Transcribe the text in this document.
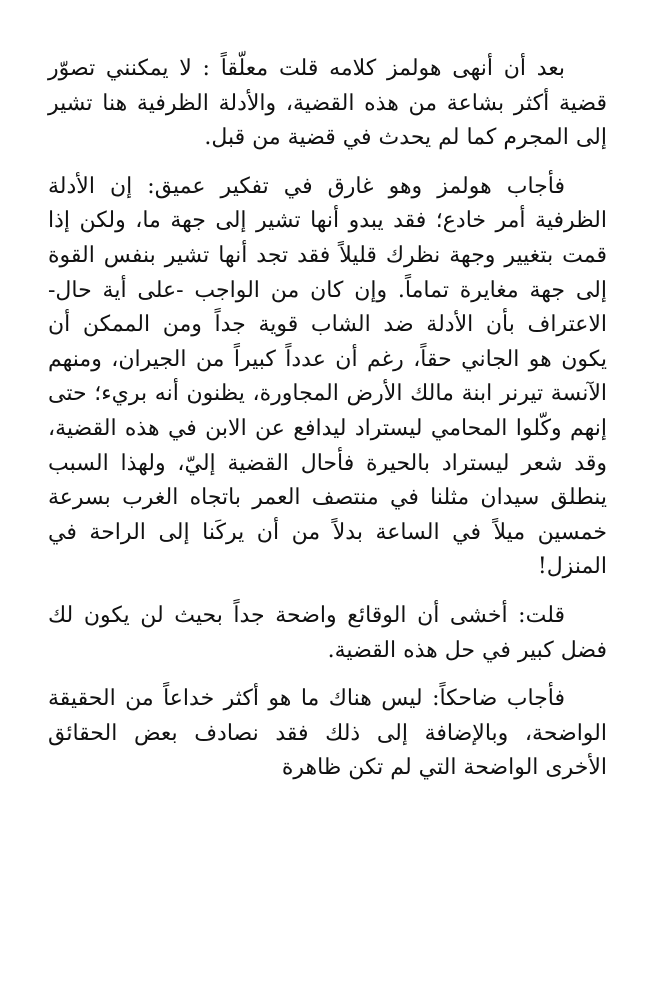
بعد أن أنهى هولمز كلامه قلت معلّقاً : لا يمكنني تصوّر قضية أكثر بشاعة من هذه القضية، والأدلة الظرفية هنا تشير إلى المجرم كما لم يحدث في قضية من قبل.

فأجاب هولمز وهو غارق في تفكير عميق: إن الأدلة الظرفية أمر خادع؛ فقد يبدو أنها تشير إلى جهة ما، ولكن إذا قمت بتغيير وجهة نظرك قليلاً فقد تجد أنها تشير بنفس القوة إلى جهة مغايرة تماماً. وإن كان من الواجب -على أية حال- الاعتراف بأن الأدلة ضد الشاب قوية جداً ومن الممكن أن يكون هو الجاني حقاً، رغم أن عدداً كبيراً من الجيران، ومنهم الآنسة تيرنر ابنة مالك الأرض المجاورة، يظنون أنه بريء؛ حتى إنهم وكّلوا المحامي ليستراد ليدافع عن الابن في هذه القضية، وقد شعر ليستراد بالحيرة فأحال القضية إليّ، ولهذا السبب ينطلق سيدان مثلنا في منتصف العمر باتجاه الغرب بسرعة خمسين ميلاً في الساعة بدلاً من أن يركَنا إلى الراحة في المنزل!

قلت: أخشى أن الوقائع واضحة جداً بحيث لن يكون لك فضل كبير في حل هذه القضية.

فأجاب ضاحكاً: ليس هناك ما هو أكثر خداعاً من الحقيقة الواضحة، وبالإضافة إلى ذلك فقد نصادف بعض الحقائق الأخرى الواضحة التي لم تكن ظاهرة
